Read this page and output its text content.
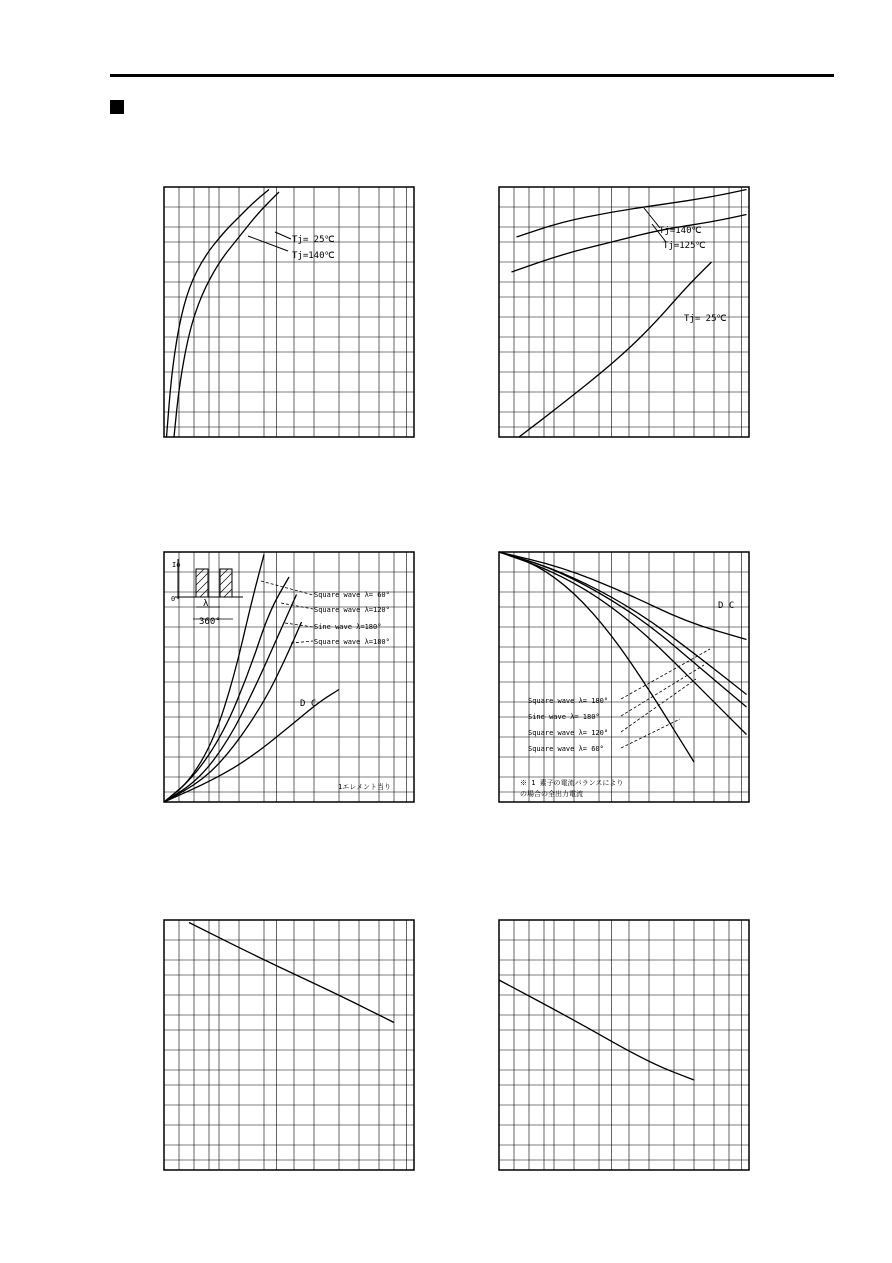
Tj= 25℃
Tj=140℃
Tj=140℃
Tj=125℃
Tj= 25℃
Io
0	λ
360°
Square wave λ= 60°
Square wave λ=120°
Sine wave λ=180°
Square wave λ=180°
D C
1エレメント当り
Square wave λ= 180°
Sine wave λ= 180°
Square wave λ= 120°
Square wave λ= 60°
D C
※ 1 素子の電流バランスにより
の場合の全出力電流
